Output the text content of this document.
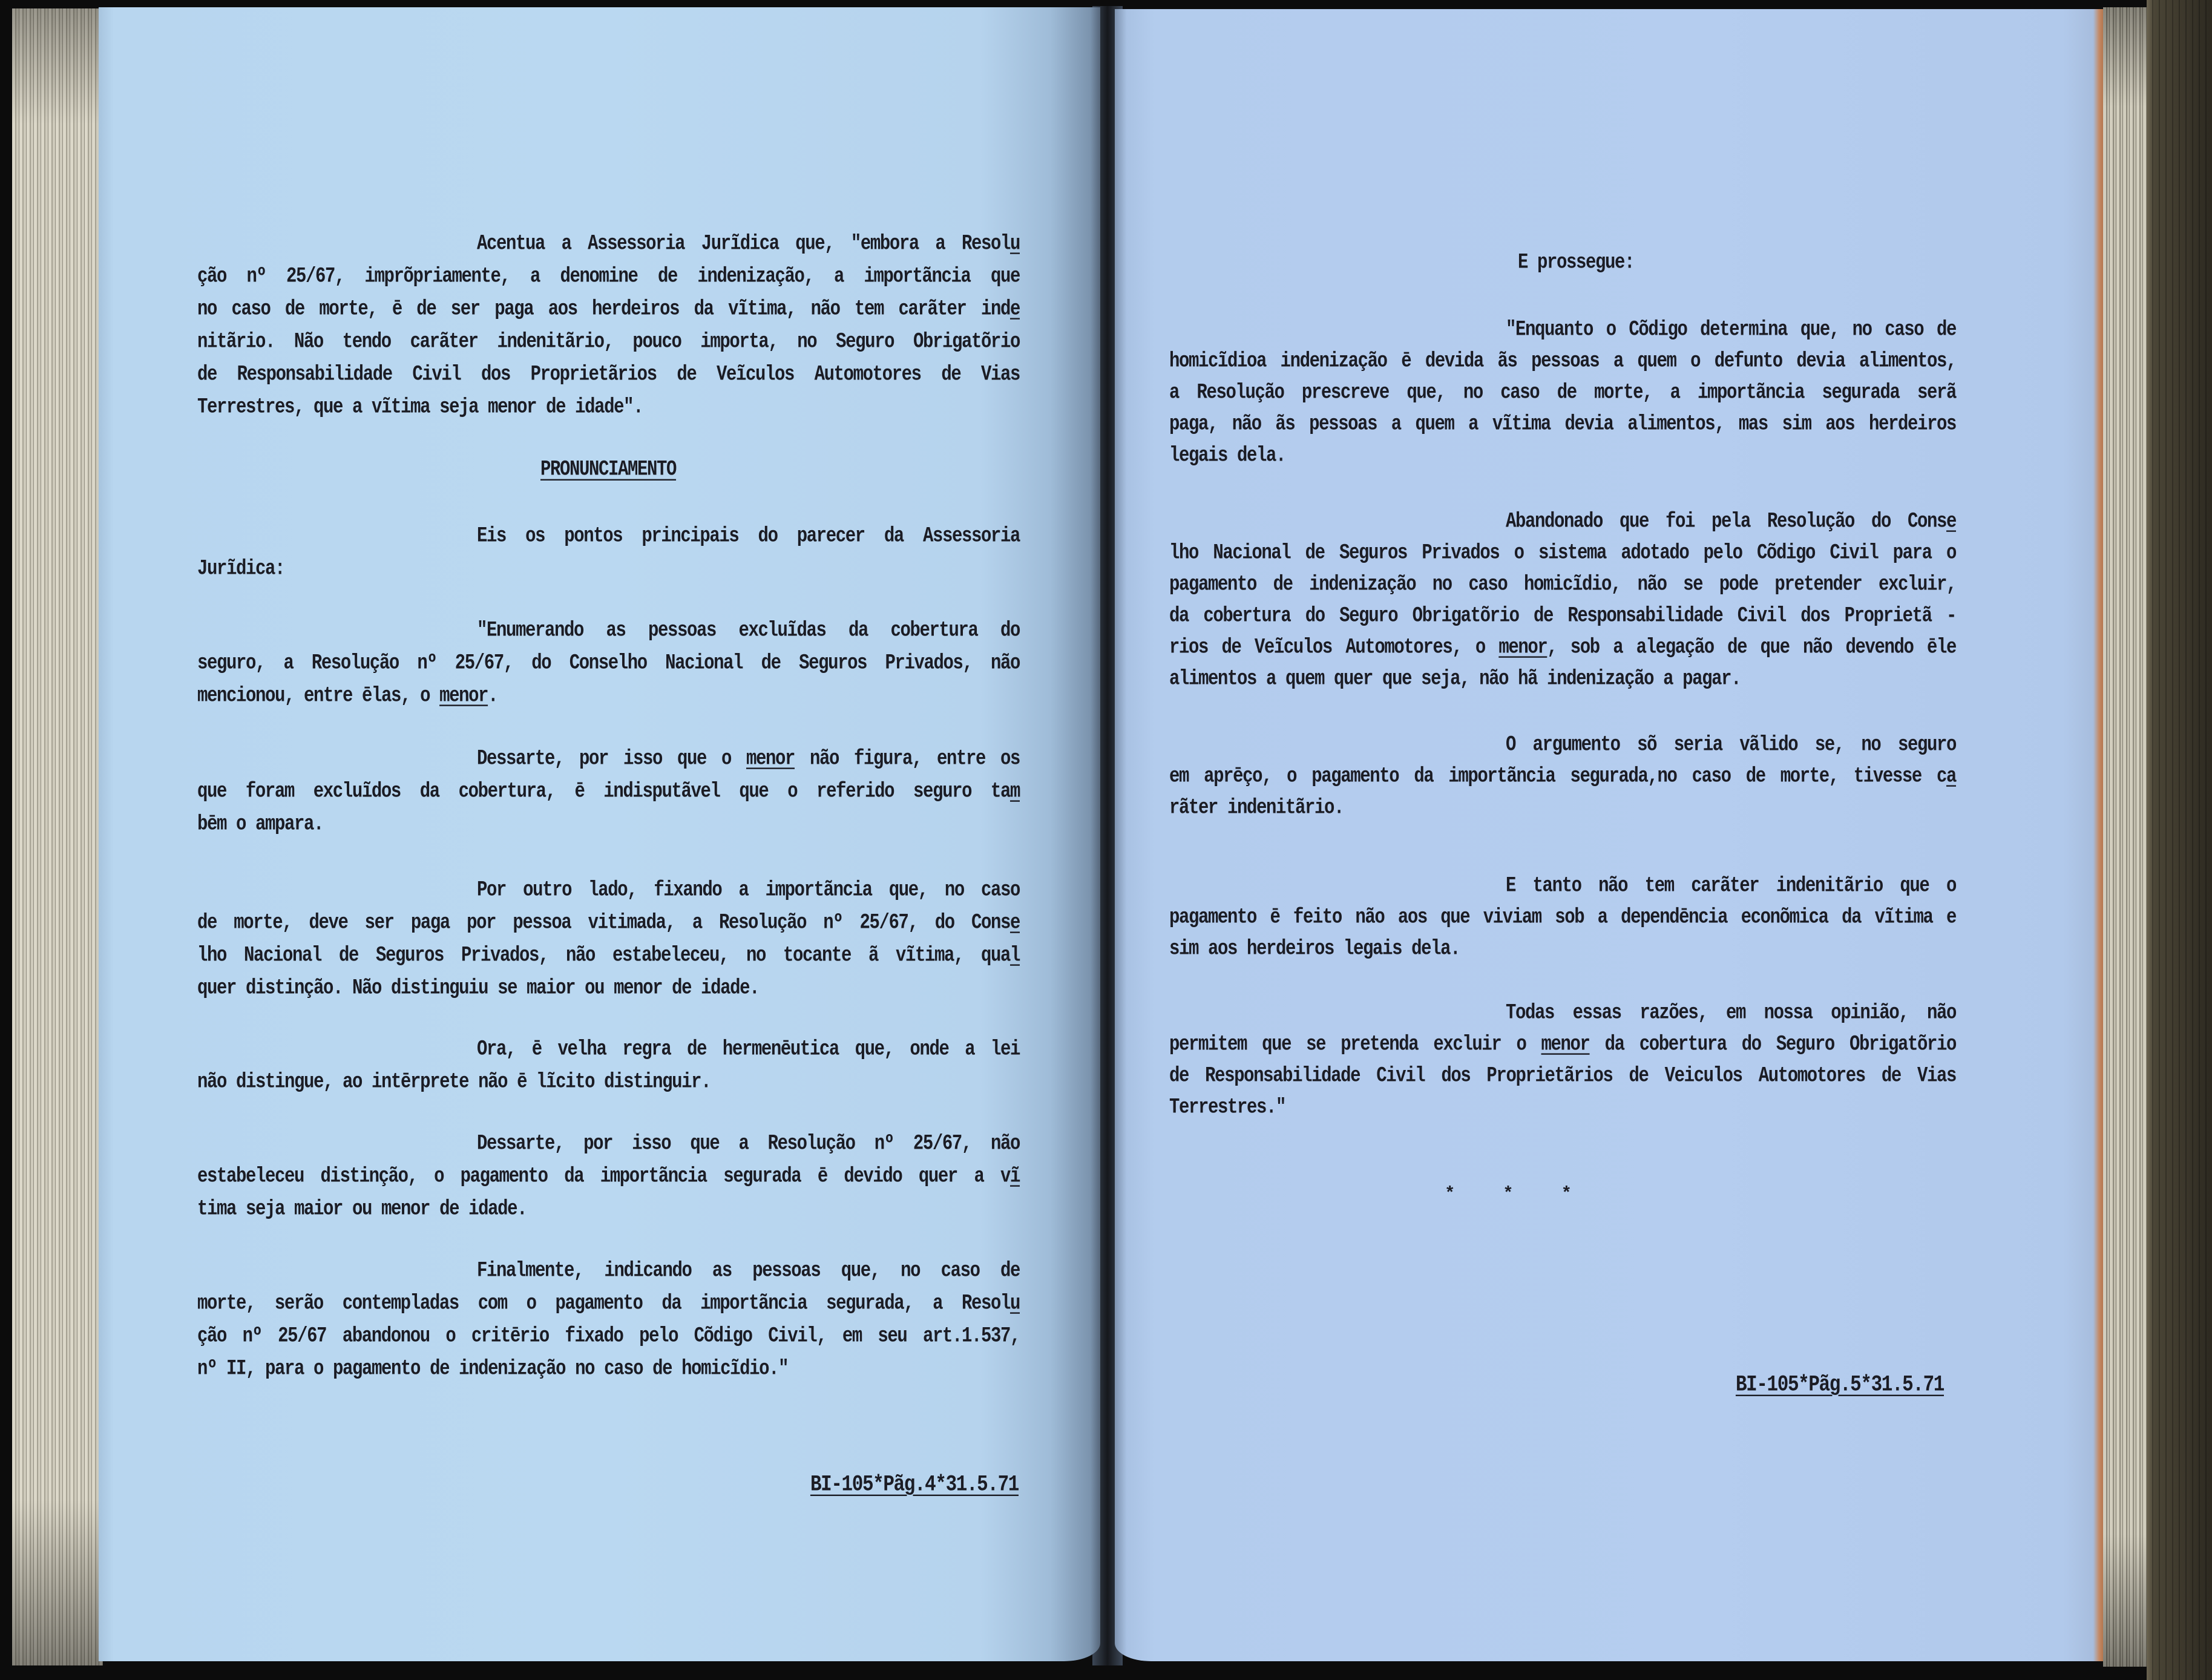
Acentua a Assessoria Jurĩdica que, "embora a Resolu
ção nº 25/67, imprõpriamente, a denomine de indenização, a importãncia que
no caso de morte, ē de ser paga aos herdeiros da vĩtima, não tem carãter inde
nitãrio. Não tendo carãter indenitãrio, pouco importa, no Seguro Obrigatõrio
de Responsabilidade Civil dos Proprietãrios de Veĩculos Automotores de Vias
Terrestres, que a vĩtima seja menor de idade".
PRONUNCIAMENTO
Eis os pontos principais do parecer da Assessoria
Jurĩdica:
"Enumerando as pessoas excluĩdas da cobertura do
seguro, a Resolução nº 25/67, do Conselho Nacional de Seguros Privados, não
mencionou, entre ēlas, o menor.
Dessarte, por isso que o menor não figura, entre os
que foram excluĩdos da cobertura, ē indisputãvel que o referido seguro tam
bēm o ampara.
Por outro lado, fixando a importãncia que, no caso
de morte, deve ser paga por pessoa vitimada, a Resolução nº 25/67, do Conse
lho Nacional de Seguros Privados, não estabeleceu, no tocante ã vĩtima, qual
quer distinção. Não distinguiu se maior ou menor de idade.
Ora, ē velha regra de hermenēutica que, onde a lei
não distingue, ao intērprete não ē lĩcito distinguir.
Dessarte, por isso que a Resolução nº 25/67, não
estabeleceu distinção, o pagamento da importãncia segurada ē devido quer a vĩ
tima seja maior ou menor de idade.
Finalmente, indicando as pessoas que, no caso de
morte, serão contempladas com o pagamento da importãncia segurada, a Resolu
ção nº 25/67 abandonou o critērio fixado pelo Cõdigo Civil, em seu art.1.537,
nº II, para o pagamento de indenização no caso de homicĩdio."
BI-105*Pãg.4*31.5.71
E prossegue:
"Enquanto o Cõdigo determina que, no caso de
homicĩdioa indenização ē devida ãs pessoas a quem o defunto devia alimentos,
a Resolução prescreve que, no caso de morte, a importãncia segurada serã
paga, não ãs pessoas a quem a vĩtima devia alimentos, mas sim aos herdeiros
legais dela.
Abandonado que foi pela Resolução do Conse
lho Nacional de Seguros Privados o sistema adotado pelo Cõdigo Civil para o
pagamento de indenização no caso homicĩdio, não se pode pretender excluir,
da cobertura do Seguro Obrigatõrio de Responsabilidade Civil dos Proprietã -
rios de Veĩculos Automotores, o menor, sob a alegação de que não devendo ēle
alimentos a quem quer que seja, não hã indenização a pagar.
O argumento sõ seria vãlido se, no seguro
em aprēço, o pagamento da importãncia segurada,no caso de morte, tivesse ca
rãter indenitãrio.
E tanto não tem carãter indenitãrio que o
pagamento ē feito não aos que viviam sob a dependēncia econõmica da vĩtima e
sim aos herdeiros legais dela.
Todas essas razões, em nossa opinião, não
permitem que se pretenda excluir o menor da cobertura do Seguro Obrigatõrio
de Responsabilidade Civil dos Proprietãrios de Veiculos Automotores de Vias
Terrestres."
*	*	*
BI-105*Pãg.5*31.5.71
